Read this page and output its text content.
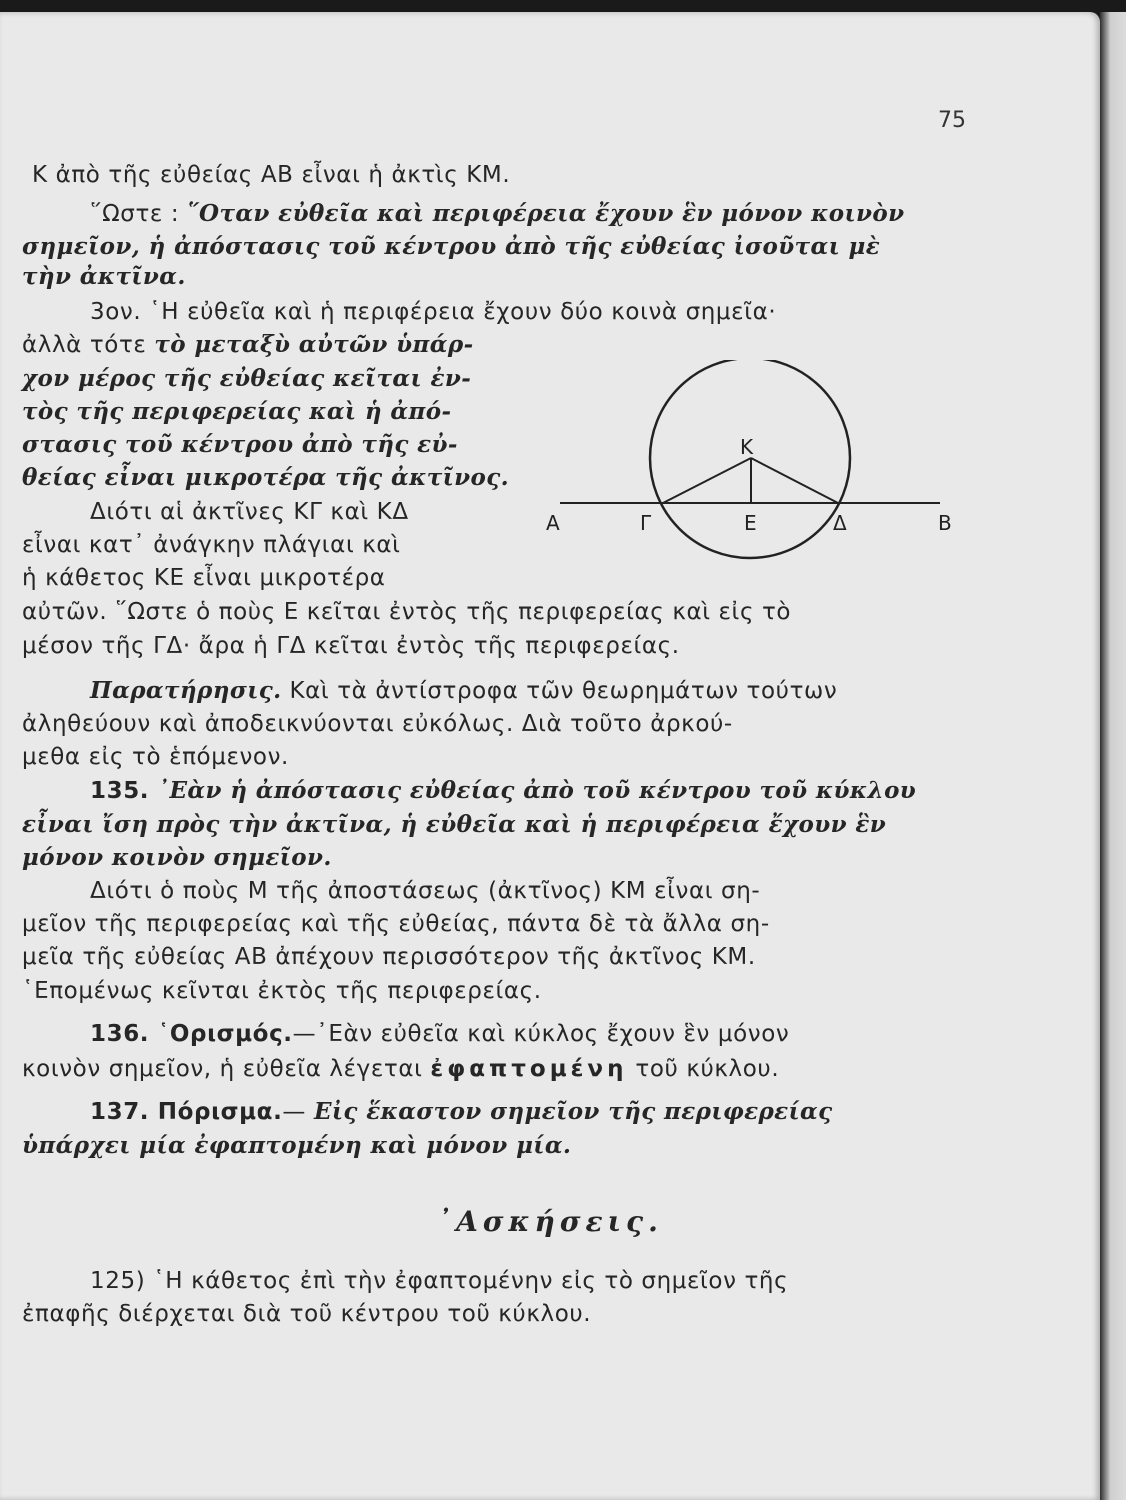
75
Κ ἀπὸ τῆς εὐθείας ΑΒ εἶναι ἡ ἀκτὶς ΚΜ.
῞Ωστε : ῞Οταν εὐθεῖα καὶ περιφέρεια ἔχουν ἓν μόνον κοινὸν
σημεῖον, ἡ ἀπόστασις τοῦ κέντρου ἀπὸ τῆς εὐθείας ἰσοῦται μὲ
τὴν ἀκτῖνα.
3ον. ῾Η εὐθεῖα καὶ ἡ περιφέρεια ἔχουν δύο κοινὰ σημεῖα·
ἀλλὰ τότε τὸ μεταξὺ αὐτῶν ὑπάρ-
χον μέρος τῆς εὐθείας κεῖται ἐν-
τὸς τῆς περιφερείας καὶ ἡ ἀπό-
στασις τοῦ κέντρου ἀπὸ τῆς εὐ-
θείας εἶναι μικροτέρα τῆς ἀκτῖνος.
Διότι αἱ ἀκτῖνες ΚΓ καὶ ΚΔ
εἶναι κατ᾽ ἀνάγκην πλάγιαι καὶ
ἡ κάθετος ΚΕ εἶναι μικροτέρα
αὐτῶν. ῞Ωστε ὁ ποὺς Ε κεῖται ἐντὸς τῆς περιφερείας καὶ εἰς τὸ
μέσον τῆς ΓΔ· ἄρα ἡ ΓΔ κεῖται ἐντὸς τῆς περιφερείας.
Παρατήρησις. Καὶ τὰ ἀντίστροφα τῶν θεωρημάτων τούτων
ἀληθεύουν καὶ ἀποδεικνύονται εὐκόλως. Διὰ τοῦτο ἀρκού-
μεθα εἰς τὸ ἑπόμενον.
135. ᾽Εὰν ἡ ἀπόστασις εὐθείας ἀπὸ τοῦ κέντρου τοῦ κύκλου
εἶναι ἴση πρὸς τὴν ἀκτῖνα, ἡ εὐθεῖα καὶ ἡ περιφέρεια ἔχουν ἓν
μόνον κοινὸν σημεῖον.
Διότι ὁ ποὺς Μ τῆς ἀποστάσεως (ἀκτῖνος) ΚΜ εἶναι ση-
μεῖον τῆς περιφερείας καὶ τῆς εὐθείας, πάντα δὲ τὰ ἄλλα ση-
μεῖα τῆς εὐθείας ΑΒ ἀπέχουν περισσότερον τῆς ἀκτῖνος ΚΜ.
῾Επομένως κεῖνται ἐκτὸς τῆς περιφερείας.
136. ῾Ορισμός.—᾽Εὰν εὐθεῖα καὶ κύκλος ἔχουν ἓν μόνον
κοινὸν σημεῖον, ἡ εὐθεῖα λέγεται ἐφαπτομένη τοῦ κύκλου.
137. Πόρισμα.— Εἰς ἕκαστον σημεῖον τῆς περιφερείας
ὑπάρχει μία ἐφαπτομένη καὶ μόνον μία.
᾽Ασκήσεις.
125) ῾Η κάθετος ἐπὶ τὴν ἐφαπτομένην εἰς τὸ σημεῖον τῆς
ἐπαφῆς διέρχεται διὰ τοῦ κέντρου τοῦ κύκλου.
Κ
Α	Γ	Ε	Δ	Β
